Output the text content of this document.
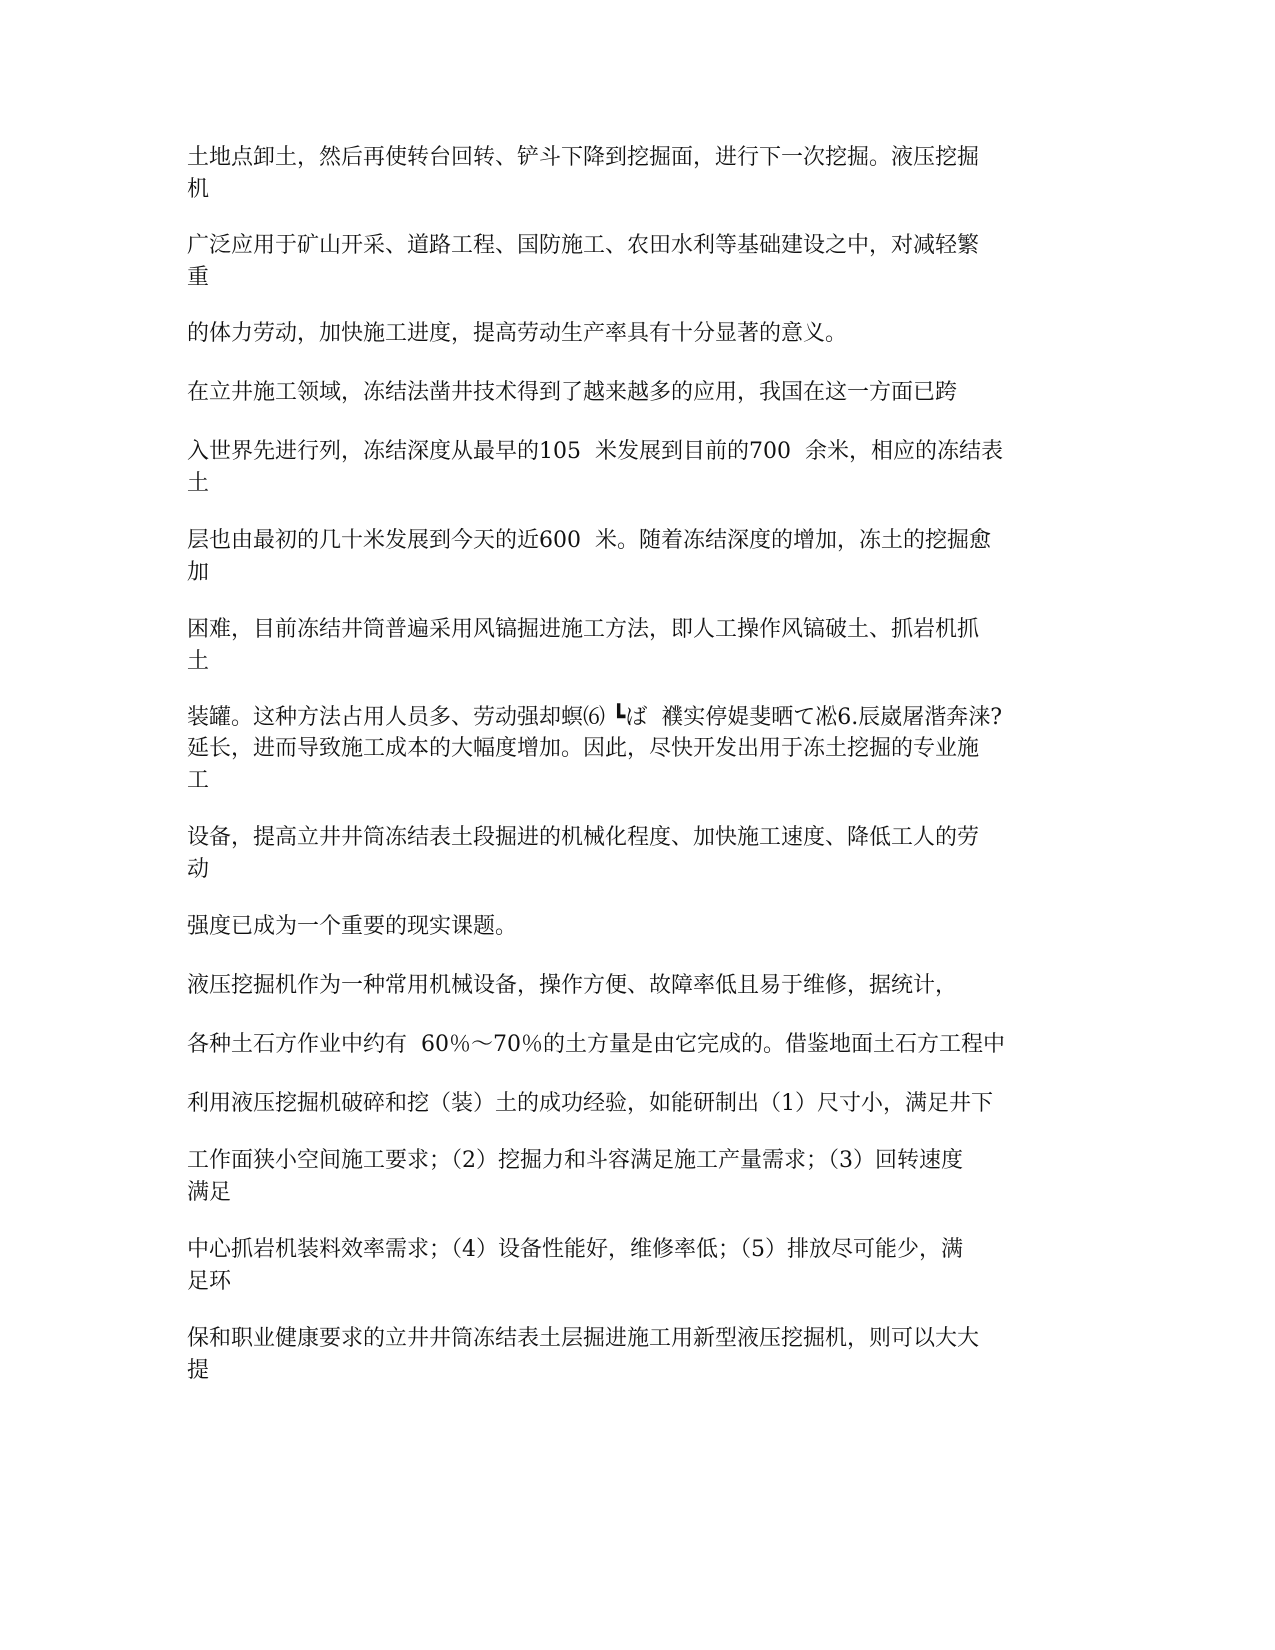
土地点卸土，然后再使转台回转、铲斗下降到挖掘面，进行下一次挖掘。液压挖掘
机
广泛应用于矿山开采、道路工程、国防施工、农田水利等基础建设之中，对减轻繁
重
的体力劳动，加快施工进度，提高劳动生产率具有十分显著的意义。
在立井施工领域，冻结法凿井技术得到了越来越多的应用，我国在这一方面已跨
入世界先进行列，冻结深度从最早的105  米发展到目前的700  余米，相应的冻结表
土
层也由最初的几十米发展到今天的近600  米。随着冻结深度的增加，冻土的挖掘愈
加
困难，目前冻结井筒普遍采用风镐掘进施工方法，即人工操作风镐破土、抓岩机抓
土
装罐。这种方法占用人员多、劳动强却螟⑹ ┗ば  襥实停媞斐晒て凇6.辰崴屠湝奔涞?
延长，进而导致施工成本的大幅度增加。因此，尽快开发出用于冻土挖掘的专业施
工
设备，提高立井井筒冻结表土段掘进的机械化程度、加快施工速度、降低工人的劳
动
强度已成为一个重要的现实课题。
液压挖掘机作为一种常用机械设备，操作方便、故障率低且易于维修，据统计，
各种土石方作业中约有  60％～70％的土方量是由它完成的。借鉴地面土石方工程中
利用液压挖掘机破碎和挖（装）土的成功经验，如能研制出（1）尺寸小，满足井下
工作面狭小空间施工要求；（2）挖掘力和斗容满足施工产量需求；（3）回转速度
满足
中心抓岩机装料效率需求；（4）设备性能好，维修率低；（5）排放尽可能少，满
足环
保和职业健康要求的立井井筒冻结表土层掘进施工用新型液压挖掘机，则可以大大
提
